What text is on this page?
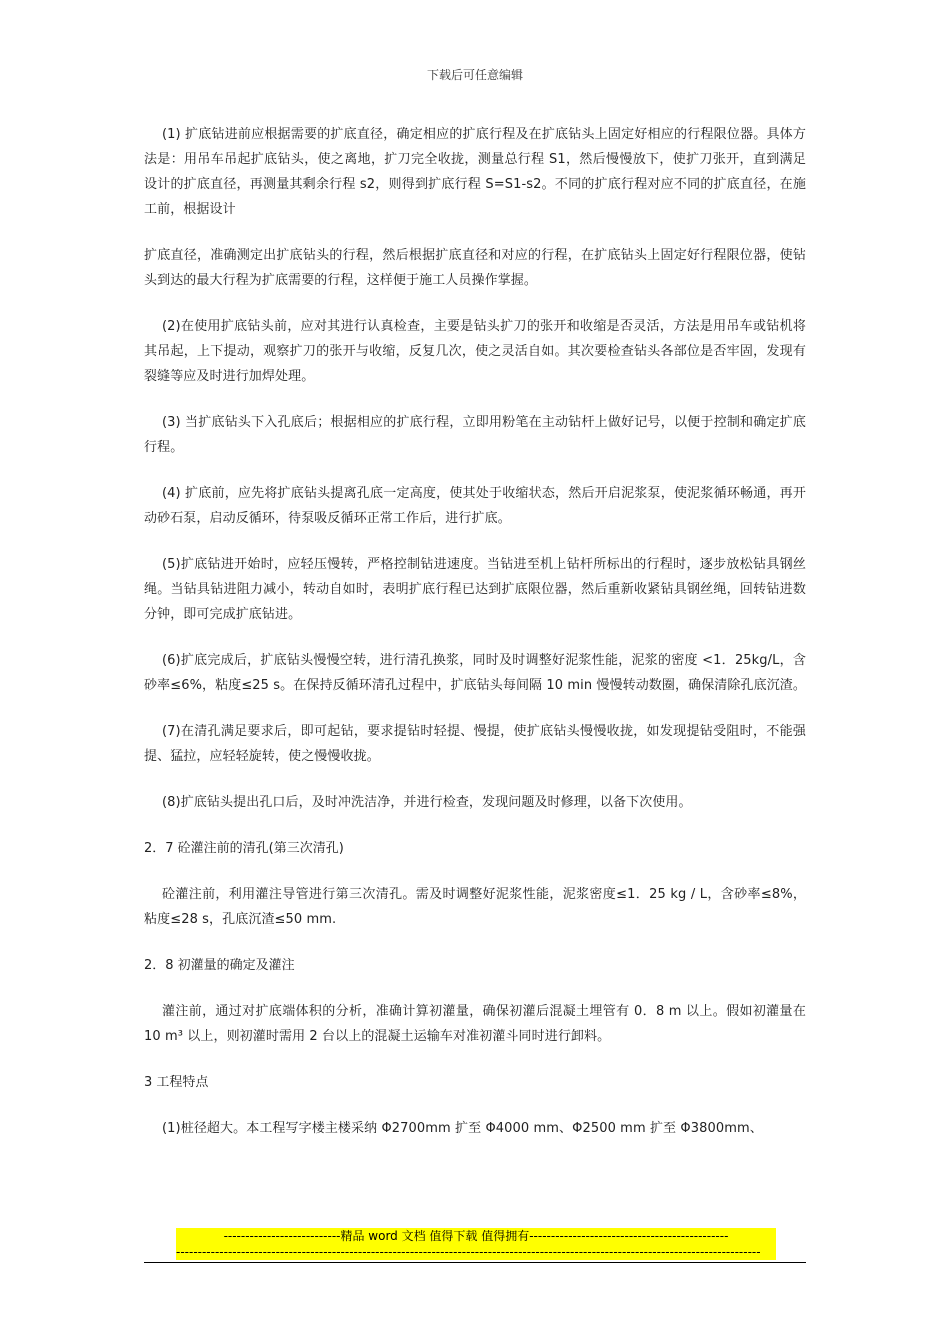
下载后可任意编辑

(1) 扩底钻进前应根据需要的扩底直径，确定相应的扩底行程及在扩底钻头上固定好相应的行程限位器。具体方法是：用吊车吊起扩底钻头，使之离地，扩刀完全收拢，测量总行程 S1，然后慢慢放下，使扩刀张开，直到满足设计的扩底直径，再测量其剩余行程 s2，则得到扩底行程 S=S1-s2。不同的扩底行程对应不同的扩底直径，在施工前，根据设计

扩底直径，准确测定出扩底钻头的行程，然后根据扩底直径和对应的行程，在扩底钻头上固定好行程限位器，使钻头到达的最大行程为扩底需要的行程，这样便于施工人员操作掌握。

(2)在使用扩底钻头前，应对其进行认真检查，主要是钻头扩刀的张开和收缩是否灵活，方法是用吊车或钻机将其吊起，上下提动，观察扩刀的张开与收缩，反复几次，使之灵活自如。其次要检查钻头各部位是否牢固，发现有裂缝等应及时进行加焊处理。

(3) 当扩底钻头下入孔底后；根据相应的扩底行程，立即用粉笔在主动钻杆上做好记号，以便于控制和确定扩底行程。

(4) 扩底前，应先将扩底钻头提离孔底一定高度，使其处于收缩状态，然后开启泥浆泵，使泥浆循环畅通，再开动砂石泵，启动反循环，待泵吸反循环正常工作后，进行扩底。

(5)扩底钻进开始时，应轻压慢转，严格控制钻进速度。当钻进至机上钻杆所标出的行程时，逐步放松钻具钢丝绳。当钻具钻进阻力减小，转动自如时，表明扩底行程已达到扩底限位器，然后重新收紧钻具钢丝绳，回转钻进数分钟，即可完成扩底钻进。

(6)扩底完成后，扩底钻头慢慢空转，进行清孔换浆，同时及时调整好泥浆性能，泥浆的密度 <1．25kg/L，含砂率≤6%，粘度≤25 s。在保持反循环清孔过程中，扩底钻头每间隔 10 min 慢慢转动数圈，确保清除孔底沉渣。

(7)在清孔满足要求后，即可起钻，要求提钻时轻提、慢提，使扩底钻头慢慢收拢，如发现提钻受阻时，不能强提、猛拉，应轻轻旋转，使之慢慢收拢。

(8)扩底钻头提出孔口后，及时冲洗洁净，并进行检查，发现问题及时修理，以备下次使用。

2．7 砼灌注前的清孔(第三次清孔)

砼灌注前，利用灌注导管进行第三次清孔。需及时调整好泥浆性能，泥浆密度≤1．25 kg / L，含砂率≤8%，粘度≤28 s，孔底沉渣≤50 mm.

2．8 初灌量的确定及灌注

灌注前，通过对扩底端体积的分析，准确计算初灌量，确保初灌后混凝土埋管有 0．8 m 以上。假如初灌量在 10 m³ 以上，则初灌时需用 2 台以上的混凝土运输车对准初灌斗同时进行卸料。

3 工程特点

(1)桩径超大。本工程写字楼主楼采纳 Φ2700mm 扩至 Φ4000 mm、Φ2500 mm 扩至 Φ3800mm、

---------------------------精品 word 文档 值得下载 值得拥有----------------------------------------------
---------------------------------------------------------------------------------------------------------------------------------------
